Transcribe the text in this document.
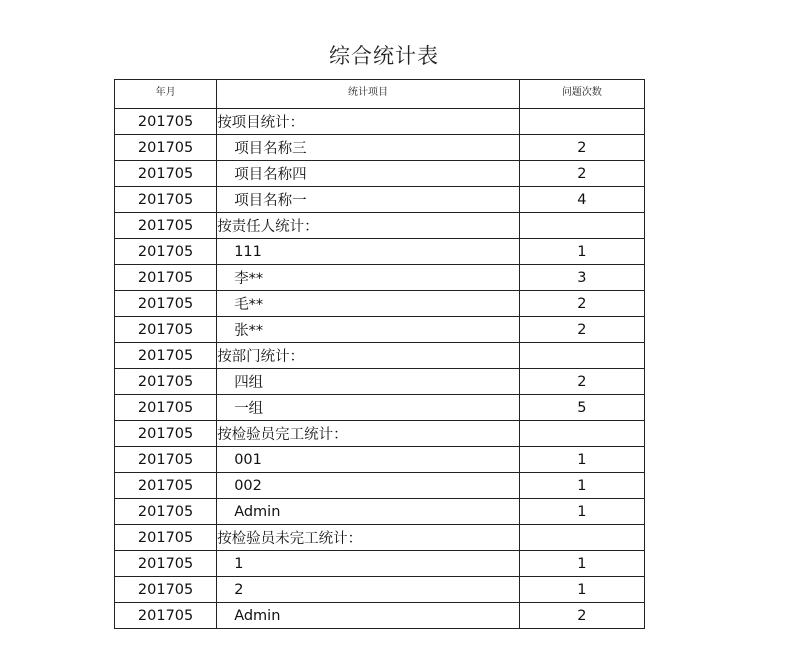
综合统计表
年月	统计项目	问题次数
201705	按项目统计：	
201705	项目名称三	2
201705	项目名称四	2
201705	项目名称一	4
201705	按责任人统计：	
201705	111	1
201705	李**	3
201705	毛**	2
201705	张**	2
201705	按部门统计：	
201705	四组	2
201705	一组	5
201705	按检验员完工统计：	
201705	001	1
201705	002	1
201705	Admin	1
201705	按检验员未完工统计：	
201705	1	1
201705	2	1
201705	Admin	2
